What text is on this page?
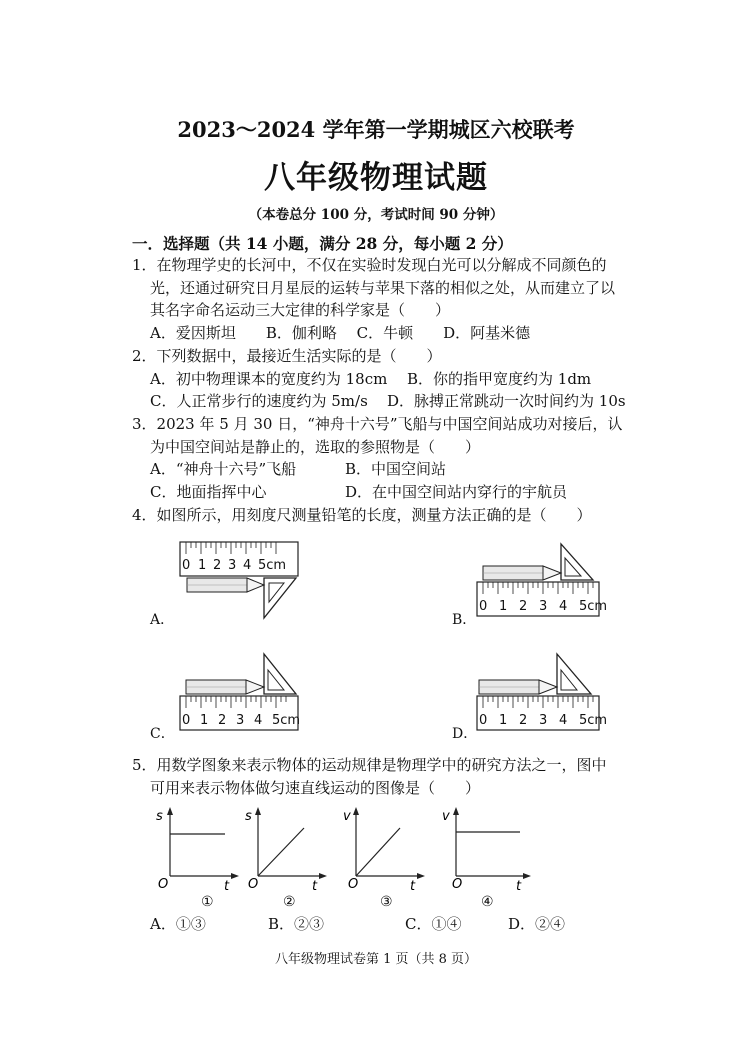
2023～2024 学年第一学期城区六校联考
八年级物理试题
（本卷总分 100 分，考试时间 90 分钟）
一．选择题（共 14 小题，满分 28 分，每小题 2 分）
1．在物理学史的长河中，不仅在实验时发现白光可以分解成不同颜色的
光，还通过研究日月星辰的运转与苹果下落的相似之处，从而建立了以
其名字命名运动三大定律的科学家是（　　）
A．爱因斯坦　　B．伽利略　 C．牛顿　　D．阿基米德
2．下列数据中，最接近生活实际的是（　　）
A．初中物理课本的宽度约为 18cm B．你的指甲宽度约为 1dm
C．人正常步行的速度约为 5m/s D．脉搏正常跳动一次时间约为 10s
3．2023 年 5 月 30 日，“神舟十六号”飞船与中国空间站成功对接后，认
为中国空间站是静止的，选取的参照物是（　　）
A．“神舟十六号”飞船	B．中国空间站
C．地面指挥中心	D．在中国空间站内穿行的宇航员
4．如图所示，用刻度尺测量铅笔的长度，测量方法正确的是（　　）
0 1 2 3 4 5cm
A．
0 1 2 3 4 5cm
B．
0 1 2 3 4 5cm
C．
0 1 2 3 4 5cm
D．
5．用数学图象来表示物体的运动规律是物理学中的研究方法之一，图中
可用来表示物体做匀速直线运动的图像是（　　）
s
O	t
①
s
O	t
②
v
O	t
③
v
O	t
④
A．①③	B．②③	C．①④	D．②④
八年级物理试卷第 1 页（共 8 页）
